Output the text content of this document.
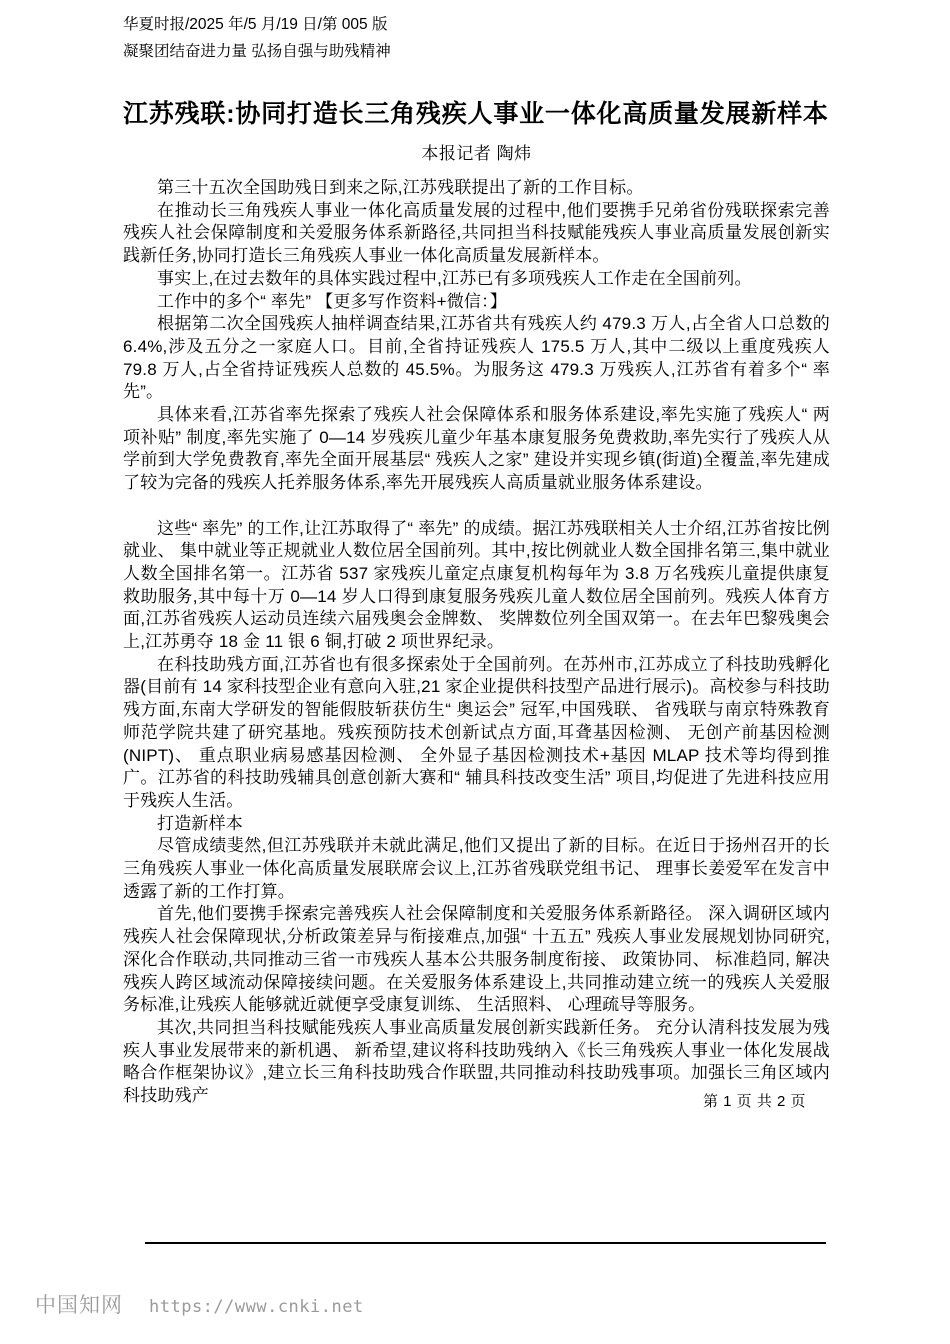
华夏时报/2025 年/5 月/19 日/第 005 版
凝聚团结奋进力量 弘扬自强与助残精神
江苏残联:协同打造长三角残疾人事业一体化高质量发展新样本
本报记者 陶炜

第三十五次全国助残日到来之际,江苏残联提出了新的工作目标。

在推动长三角残疾人事业一体化高质量发展的过程中,他们要携手兄弟省份残联探索完善残疾人社会保障制度和关爱服务体系新路径,共同担当科技赋能残疾人事业高质量发展创新实践新任务,协同打造长三角残疾人事业一体化高质量发展新样本。

事实上,在过去数年的具体实践过程中,江苏已有多项残疾人工作走在全国前列。

工作中的多个“ 率先” 【更多写作资料+微信：】

根据第二次全国残疾人抽样调查结果,江苏省共有残疾人约 479.3 万人,占全省人口总数的 6.4%,涉及五分之一家庭人口。目前,全省持证残疾人 175.5 万人,其中二级以上重度残疾人 79.8 万人,占全省持证残疾人总数的 45.5%。为服务这 479.3 万残疾人,江苏省有着多个“ 率先”。

具体来看,江苏省率先探索了残疾人社会保障体系和服务体系建设,率先实施了残疾人“ 两项补贴” 制度,率先实施了 0—14 岁残疾儿童少年基本康复服务免费救助,率先实行了残疾人从学前到大学免费教育,率先全面开展基层“ 残疾人之家” 建设并实现乡镇(街道)全覆盖,率先建成了较为完备的残疾人托养服务体系,率先开展残疾人高质量就业服务体系建设。

这些“ 率先” 的工作,让江苏取得了“ 率先” 的成绩。据江苏残联相关人士介绍,江苏省按比例就业、 集中就业等正规就业人数位居全国前列。其中,按比例就业人数全国排名第三,集中就业人数全国排名第一。江苏省 537 家残疾儿童定点康复机构每年为 3.8 万名残疾儿童提供康复救助服务,其中每十万 0—14 岁人口得到康复服务残疾儿童人数位居全国前列。残疾人体育方面,江苏省残疾人运动员连续六届残奥会金牌数、 奖牌数位列全国双第一。在去年巴黎残奥会上,江苏勇夺 18 金 11 银 6 铜,打破 2 项世界纪录。

在科技助残方面,江苏省也有很多探索处于全国前列。在苏州市,江苏成立了科技助残孵化器(目前有 14 家科技型企业有意向入驻,21 家企业提供科技型产品进行展示)。高校参与科技助残方面,东南大学研发的智能假肢斩获仿生“ 奥运会” 冠军,中国残联、 省残联与南京特殊教育师范学院共建了研究基地。残疾预防技术创新试点方面,耳聋基因检测、 无创产前基因检测(NIPT)、 重点职业病易感基因检测、 全外显子基因检测技术+基因 MLAP 技术等均得到推广。江苏省的科技助残辅具创意创新大赛和“ 辅具科技改变生活” 项目,均促进了先进科技应用于残疾人生活。

打造新样本

尽管成绩斐然,但江苏残联并未就此满足,他们又提出了新的目标。在近日于扬州召开的长三角残疾人事业一体化高质量发展联席会议上,江苏省残联党组书记、 理事长姜爱军在发言中透露了新的工作打算。

首先,他们要携手探索完善残疾人社会保障制度和关爱服务体系新路径。 深入调研区域内残疾人社会保障现状,分析政策差异与衔接难点,加强“ 十五五” 残疾人事业发展规划协同研究,深化合作联动,共同推动三省一市残疾人基本公共服务制度衔接、 政策协同、 标准趋同, 解决残疾人跨区域流动保障接续问题。在关爱服务体系建设上,共同推动建立统一的残疾人关爱服务标准,让残疾人能够就近就便享受康复训练、 生活照料、 心理疏导等服务。

其次,共同担当科技赋能残疾人事业高质量发展创新实践新任务。 充分认清科技发展为残疾人事业发展带来的新机遇、 新希望,建议将科技助残纳入《长三角残疾人事业一体化发展战略合作框架协议》,建立长三角科技助残合作联盟,共同推动科技助残事项。加强长三角区域内科技助残产	第 1 页 共 2 页
中国知网 https://www.cnki.net
